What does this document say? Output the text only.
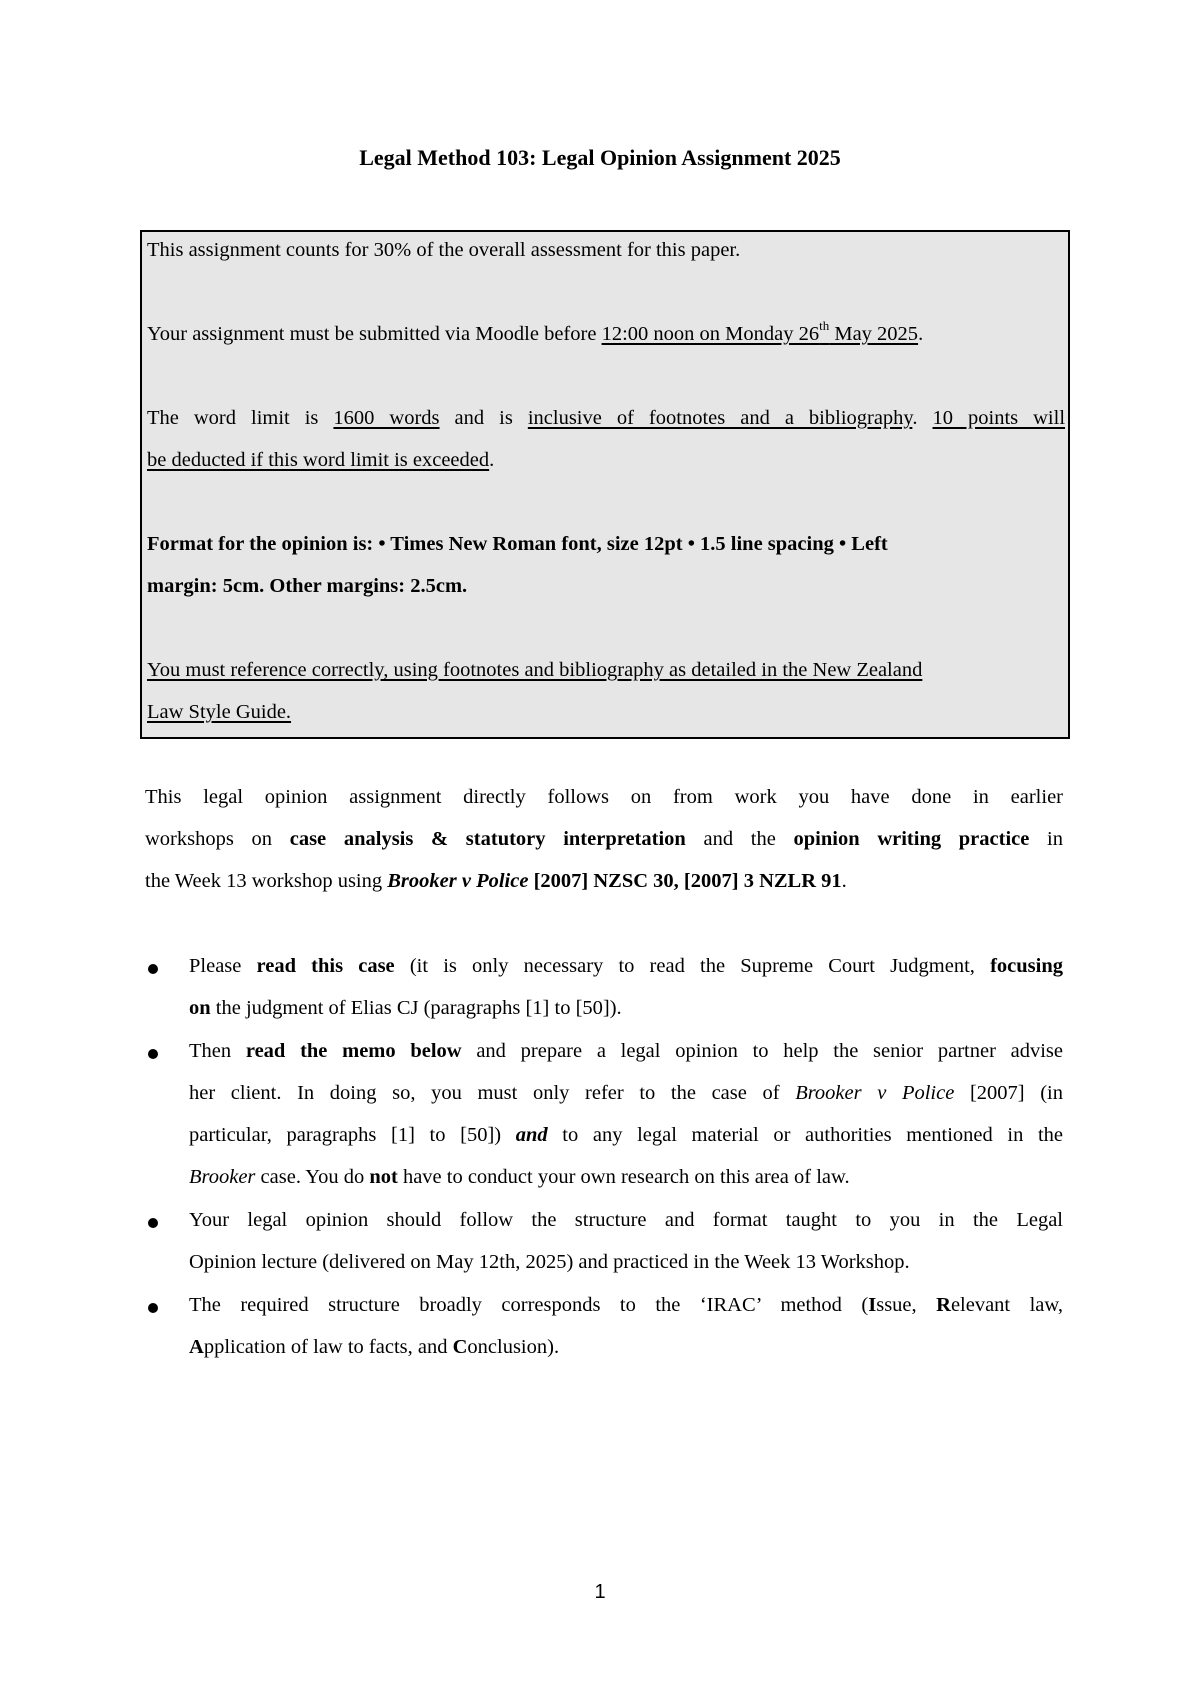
Legal Method 103: Legal Opinion Assignment 2025
This assignment counts for 30% of the overall assessment for this paper.
Your assignment must be submitted via Moodle before 12:00 noon on Monday 26th May 2025.
The word limit is 1600 words and is inclusive of footnotes and a bibliography. 10 points will
be deducted if this word limit is exceeded.
Format for the opinion is: • Times New Roman font, size 12pt • 1.5 line spacing • Left
margin: 5cm. Other margins: 2.5cm.
You must reference correctly, using footnotes and bibliography as detailed in the New Zealand
Law Style Guide.
This legal opinion assignment directly follows on from work you have done in earlier
workshops on case analysis & statutory interpretation and the opinion writing practice in
the Week 13 workshop using Brooker v Police [2007] NZSC 30, [2007] 3 NZLR 91.
Please read this case (it is only necessary to read the Supreme Court Judgment, focusing
on the judgment of Elias CJ (paragraphs [1] to [50]).
Then read the memo below and prepare a legal opinion to help the senior partner advise
her client. In doing so, you must only refer to the case of Brooker v Police [2007] (in
particular, paragraphs [1] to [50]) and to any legal material or authorities mentioned in the
Brooker case. You do not have to conduct your own research on this area of law.
Your legal opinion should follow the structure and format taught to you in the Legal
Opinion lecture (delivered on May 12th, 2025) and practiced in the Week 13 Workshop.
The required structure broadly corresponds to the ‘IRAC’ method (Issue, Relevant law,
Application of law to facts, and Conclusion).
1
